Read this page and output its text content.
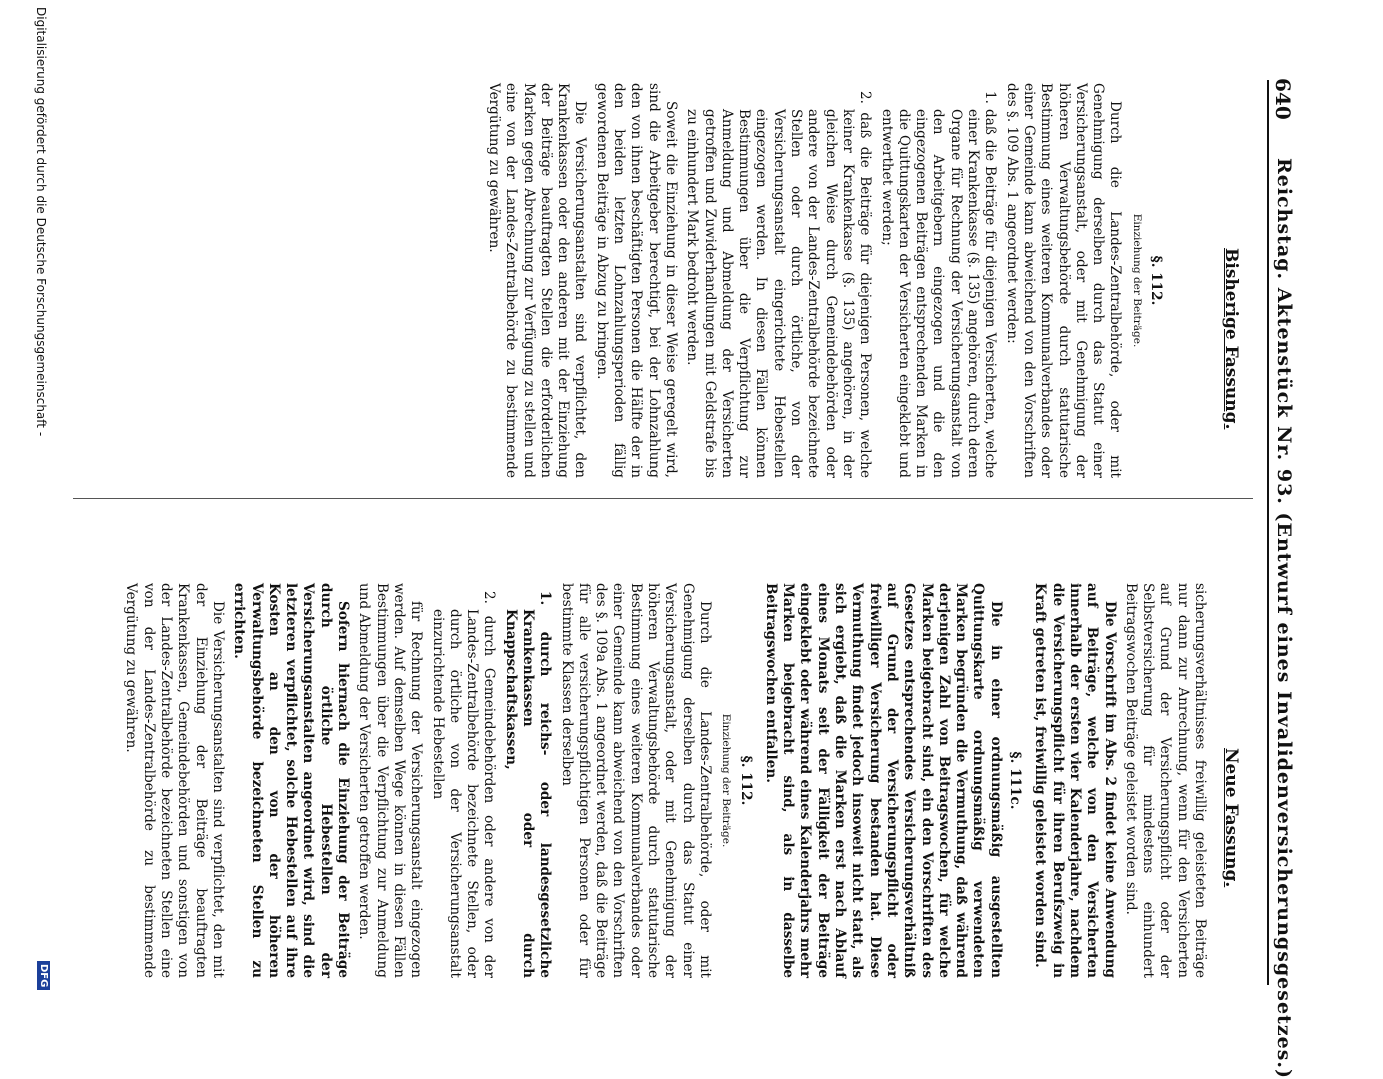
640
Reichstag. Aktenstück Nr. 93. (Entwurf eines Invalidenversicherungsgesetzes.)
Bisherige Fassung.
Neue Fassung.

§. 112.

Einziehung der Beiträge.

Durch die Landes-Zentralbehörde, oder mit Genehmigung derselben durch das Statut einer Versicherungsanstalt, oder mit Genehmigung der höheren Verwaltungsbehörde durch statutarische Bestimmung eines weiteren Kommunalverbandes oder einer Gemeinde kann abweichend von den Vorschriften des §. 109 Abs. 1 angeordnet werden:

1. daß die Beiträge für diejenigen Versicherten, welche einer Krankenkasse (§. 135) angehören, durch deren Organe für Rechnung der Versicherungsanstalt von den Arbeitgebern eingezogen und die den eingezogenen Beiträgen entsprechenden Marken in die Quittungskarten der Versicherten eingeklebt und entwerthet werden;

2. daß die Beiträge für diejenigen Personen, welche keiner Krankenkasse (§. 135) angehören, in der gleichen Weise durch Gemeindebehörden oder andere von der Landes-Zentralbehörde bezeichnete Stellen oder durch örtliche, von der Versicherungsanstalt eingerichtete Hebestellen eingezogen werden. In diesen Fällen können Bestimmungen über die Verpflichtung zur Anmeldung und Abmeldung der Versicherten getroffen und Zuwiderhandlungen mit Geldstrafe bis zu einhundert Mark bedroht werden.

Soweit die Einziehung in dieser Weise geregelt wird, sind die Arbeitgeber berechtigt, bei der Lohnzahlung den von ihnen beschäftigten Personen die Hälfte der in den beiden letzten Lohnzahlungsperioden fällig gewordenen Beiträge in Abzug zu bringen.

Die Versicherungsanstalten sind verpflichtet, den Krankenkassen oder den anderen mit der Einziehung der Beiträge beauftragten Stellen die erforderlichen Marken gegen Abrechnung zur Verfügung zu stellen und eine von der Landes-Zentralbehörde zu bestimmende Vergütung zu gewähren.

sicherungsverhältnisses freiwillig geleisteten Beiträge nur dann zur Anrechnung, wenn für den Versicherten auf Grund der Versicherungspflicht oder der Selbstversicherung für mindestens einhundert Beitragswochen Beiträge geleistet worden sind.

Die Vorschrift im Abs. 2 findet keine Anwendung auf Beiträge, welche von den Versicherten innerhalb der ersten vier Kalenderjahre, nachdem die Versicherungspflicht für ihren Berufszweig in Kraft getreten ist, freiwillig geleistet worden sind.

§. 111c.

Die in einer ordnungsmäßig ausgestellten Quittungskarte ordnungsmäßig verwendeten Marken begründen die Vermuthung, daß während derjenigen Zahl von Beitragswochen, für welche Marken beigebracht sind, ein den Vorschriften des Gesetzes entsprechendes Versicherungsverhältniß auf Grund der Versicherungspflicht oder freiwilliger Versicherung bestanden hat. Diese Vermuthung findet jedoch insoweit nicht statt, als sich ergiebt, daß die Marken erst nach Ablauf eines Monats seit der Fälligkeit der Beiträge eingeklebt oder während eines Kalenderjahrs mehr Marken beigebracht sind, als in dasselbe Beitragswochen entfallen.

§. 112.

Einziehung der Beiträge.

Durch die Landes-Zentralbehörde, oder mit Genehmigung derselben durch das Statut einer Versicherungsanstalt, oder mit Genehmigung der höheren Verwaltungsbehörde durch statutarische Bestimmung eines weiteren Kommunalverbandes oder einer Gemeinde kann abweichend von den Vorschriften des §. 109a Abs. 1 angeordnet werden, daß die Beiträge für alle versicherungspflichtigen Personen oder für bestimmte Klassen derselben

1. durch reichs- oder landesgesetzliche Krankenkassen oder durch Knappschaftskassen,

2. durch Gemeindebehörden oder andere von der Landes-Zentralbehörde bezeichnete Stellen, oder durch örtliche von der Versicherungsanstalt einzurichtende Hebestellen

für Rechnung der Versicherungsanstalt eingezogen werden. Auf demselben Wege können in diesen Fällen Bestimmungen über die Verpflichtung zur Anmeldung und Abmeldung der Versicherten getroffen werden.

Sofern hiernach die Einziehung der Beiträge durch örtliche Hebestellen der Versicherungsanstalten angeordnet wird, sind die letzteren verpflichtet, solche Hebestellen auf ihre Kosten an den von der höheren Verwaltungsbehörde bezeichneten Stellen zu errichten.

Die Versicherungsanstalten sind verpflichtet, den mit der Einziehung der Beiträge beauftragten Krankenkassen, Gemeindebehörden und sonstigen von der Landes-Zentralbehörde bezeichneten Stellen eine von der Landes-Zentralbehörde zu bestimmende Vergütung zu gewähren.

Digitalisierung gefördert durch die Deutsche Forschungsgemeinschaft -
DFG
